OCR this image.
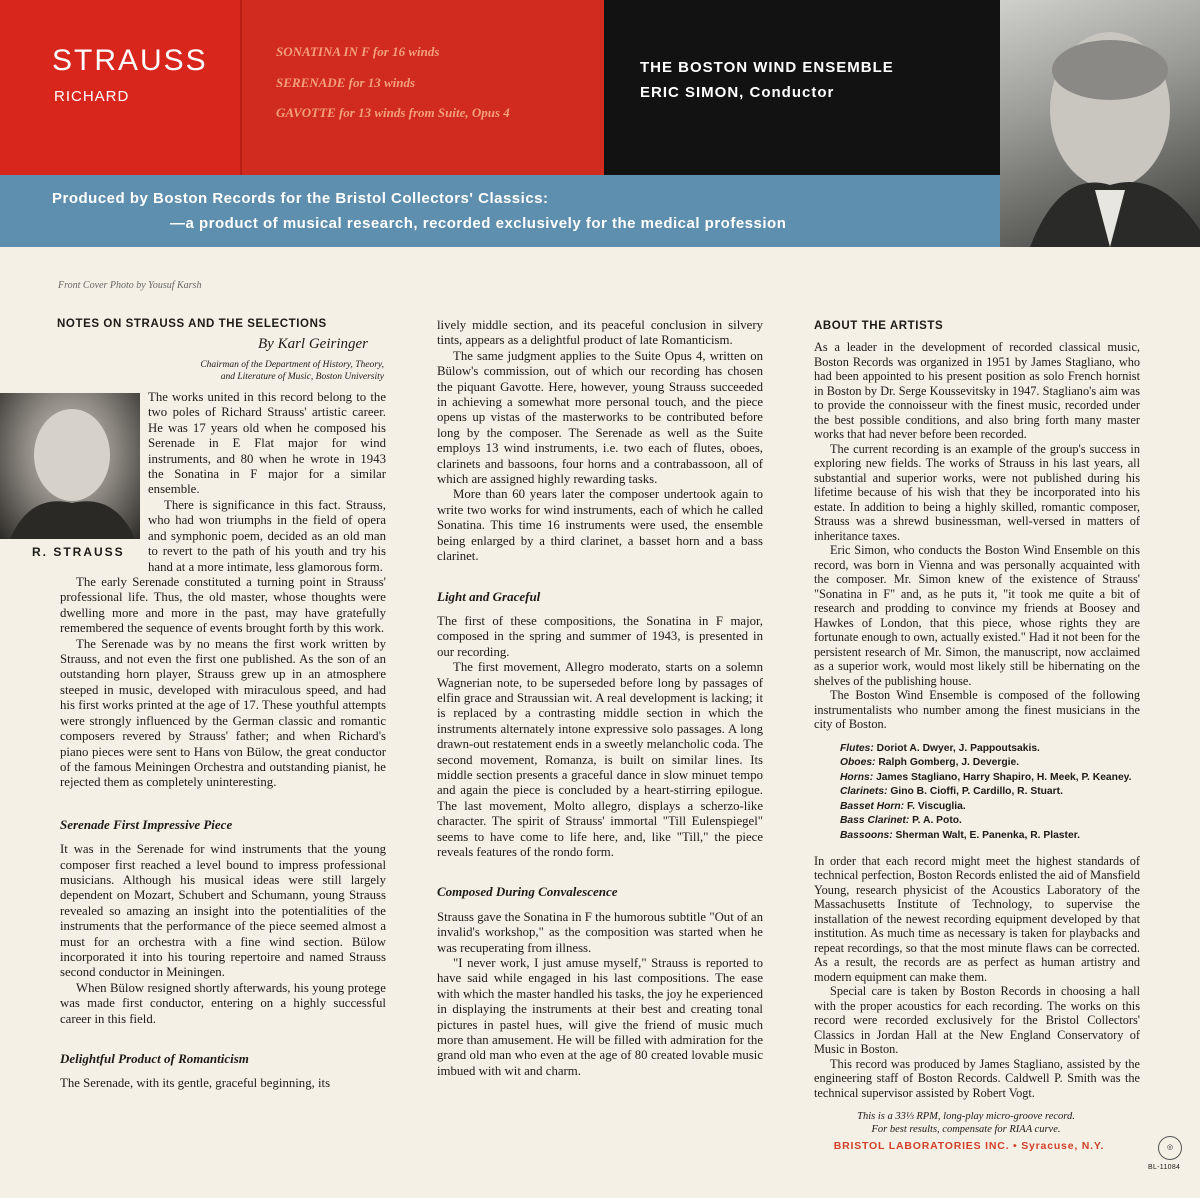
STRAUSS
RICHARD
SONATINA IN F for 16 winds
SERENADE for 13 winds
GAVOTTE for 13 winds from Suite, Opus 4
THE BOSTON WIND ENSEMBLE
ERIC SIMON, Conductor
Produced by Boston Records for the Bristol Collectors' Classics:
—a product of musical research, recorded exclusively for the medical profession
Front Cover Photo by Yousuf Karsh
NOTES ON STRAUSS AND THE SELECTIONS
By Karl Geiringer
Chairman of the Department of History, Theory,
and Literature of Music, Boston University
R. STRAUSS

The works united in this record belong to the two poles of Richard Strauss' artistic career. He was 17 years old when he composed his Serenade in E Flat major for wind instruments, and 80 when he wrote in 1943 the Sonatina in F major for a similar ensemble.

There is significance in this fact. Strauss, who had won triumphs in the field of opera and symphonic poem, decided as an old man to revert to the path of his youth and try his hand at a more intimate, less glamorous form.

The early Serenade constituted a turning point in Strauss' professional life. Thus, the old master, whose thoughts were dwelling more and more in the past, may have gratefully remembered the sequence of events brought forth by this work.

The Serenade was by no means the first work written by Strauss, and not even the first one published. As the son of an outstanding horn player, Strauss grew up in an atmosphere steeped in music, developed with miraculous speed, and had his first works printed at the age of 17. These youthful attempts were strongly influenced by the German classic and romantic composers revered by Strauss' father; and when Richard's piano pieces were sent to Hans von Bülow, the great conductor of the famous Meiningen Orchestra and outstanding pianist, he rejected them as completely uninteresting.

Serenade First Impressive Piece

It was in the Serenade for wind instruments that the young composer first reached a level bound to impress professional musicians. Although his musical ideas were still largely dependent on Mozart, Schubert and Schumann, young Strauss revealed so amazing an insight into the potentialities of the instruments that the performance of the piece seemed almost a must for an orchestra with a fine wind section. Bülow incorporated it into his touring repertoire and named Strauss second conductor in Meiningen.

When Bülow resigned shortly afterwards, his young protege was made first conductor, entering on a highly successful career in this field.

Delightful Product of Romanticism

The Serenade, with its gentle, graceful beginning, its

lively middle section, and its peaceful conclusion in silvery tints, appears as a delightful product of late Romanticism.

The same judgment applies to the Suite Opus 4, written on Bülow's commission, out of which our recording has chosen the piquant Gavotte. Here, however, young Strauss succeeded in achieving a somewhat more personal touch, and the piece opens up vistas of the masterworks to be contributed before long by the composer. The Serenade as well as the Suite employs 13 wind instruments, i.e. two each of flutes, oboes, clarinets and bassoons, four horns and a contrabassoon, all of which are assigned highly rewarding tasks.

More than 60 years later the composer undertook again to write two works for wind instruments, each of which he called Sonatina. This time 16 instruments were used, the ensemble being enlarged by a third clarinet, a basset horn and a bass clarinet.

Light and Graceful

The first of these compositions, the Sonatina in F major, composed in the spring and summer of 1943, is presented in our recording.

The first movement, Allegro moderato, starts on a solemn Wagnerian note, to be superseded before long by passages of elfin grace and Straussian wit. A real development is lacking; it is replaced by a contrasting middle section in which the instruments alternately intone expressive solo passages. A long drawn-out restatement ends in a sweetly melancholic coda. The second movement, Romanza, is built on similar lines. Its middle section presents a graceful dance in slow minuet tempo and again the piece is concluded by a heart-stirring epilogue. The last movement, Molto allegro, displays a scherzo-like character. The spirit of Strauss' immortal "Till Eulenspiegel" seems to have come to life here, and, like "Till," the piece reveals features of the rondo form.

Composed During Convalescence

Strauss gave the Sonatina in F the humorous subtitle "Out of an invalid's workshop," as the composition was started when he was recuperating from illness.

"I never work, I just amuse myself," Strauss is reported to have said while engaged in his last compositions. The ease with which the master handled his tasks, the joy he experienced in displaying the instruments at their best and creating tonal pictures in pastel hues, will give the friend of music much more than amusement. He will be filled with admiration for the grand old man who even at the age of 80 created lovable music imbued with wit and charm.

ABOUT THE ARTISTS

As a leader in the development of recorded classical music, Boston Records was organized in 1951 by James Stagliano, who had been appointed to his present position as solo French hornist in Boston by Dr. Serge Koussevitsky in 1947. Stagliano's aim was to provide the connoisseur with the finest music, recorded under the best possible conditions, and also bring forth many master works that had never before been recorded.

The current recording is an example of the group's success in exploring new fields. The works of Strauss in his last years, all substantial and superior works, were not published during his lifetime because of his wish that they be incorporated into his estate. In addition to being a highly skilled, romantic composer, Strauss was a shrewd businessman, well-versed in matters of inheritance taxes.

Eric Simon, who conducts the Boston Wind Ensemble on this record, was born in Vienna and was personally acquainted with the composer. Mr. Simon knew of the existence of Strauss' "Sonatina in F" and, as he puts it, "it took me quite a bit of research and prodding to convince my friends at Boosey and Hawkes of London, that this piece, whose rights they are fortunate enough to own, actually existed." Had it not been for the persistent research of Mr. Simon, the manuscript, now acclaimed as a superior work, would most likely still be hibernating on the shelves of the publishing house.

The Boston Wind Ensemble is composed of the following instrumentalists who number among the finest musicians in the city of Boston.

Flutes: Doriot A. Dwyer, J. Pappoutsakis.
Oboes: Ralph Gomberg, J. Devergie.
Horns: James Stagliano, Harry Shapiro, H. Meek, P. Keaney.
Clarinets: Gino B. Cioffi, P. Cardillo, R. Stuart.
Basset Horn: F. Viscuglia.
Bass Clarinet: P. A. Poto.
Bassoons: Sherman Walt, E. Panenka, R. Plaster.

In order that each record might meet the highest standards of technical perfection, Boston Records enlisted the aid of Mansfield Young, research physicist of the Acoustics Laboratory of the Massachusetts Institute of Technology, to supervise the installation of the newest recording equipment developed by that institution. As much time as necessary is taken for playbacks and repeat recordings, so that the most minute flaws can be corrected. As a result, the records are as perfect as human artistry and modern equipment can make them.

Special care is taken by Boston Records in choosing a hall with the proper acoustics for each recording. The works on this record were recorded exclusively for the Bristol Collectors' Classics in Jordan Hall at the New England Conservatory of Music in Boston.

This record was produced by James Stagliano, assisted by the engineering staff of Boston Records. Caldwell P. Smith was the technical supervisor assisted by Robert Vogt.

This is a 33⅓ RPM, long-play micro-groove record.
For best results, compensate for RIAA curve.
BRISTOL LABORATORIES INC. • Syracuse, N.Y.	◎
BL-11084
